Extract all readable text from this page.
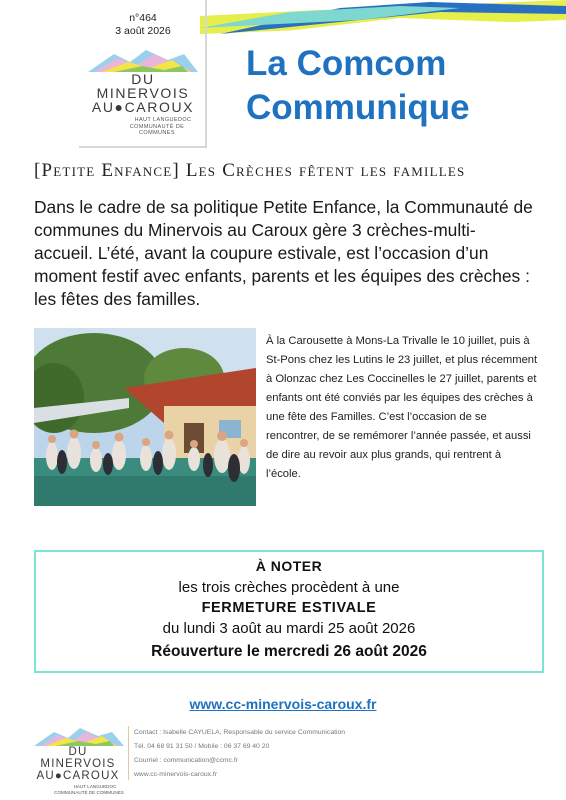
n°464
3 août 2026
DU MINERVOIS
AU●CAROUX
HAUT LANGUEDOC
COMMUNAUTÉ DE COMMUNES
La Comcom
Communique
[Petite Enfance] Les Crèches fêtent les familles
Dans le cadre de sa politique Petite Enfance, la Communauté de communes du Minervois au Caroux gère 3 crèches-multi-accueil. L’été, avant la coupure estivale, est l’occasion d’un moment festif avec enfants, parents et les équipes des crèches : les fêtes des familles.
À la Carousette à Mons-La Trivalle le 10 juillet, puis à St-Pons chez les Lutins le 23 juillet, et plus récemment à Olonzac chez Les Coccinelles le 27 juillet, parents et enfants ont été conviés par les équipes des crèches à une fête des Familles. C’est l’occasion de se rencontrer, de se remémorer l’année passée, et aussi de dire au revoir aux plus grands, qui rentrent à l’école.
À NOTER
les trois crèches procèdent à une
FERMETURE ESTIVALE
du lundi 3 août au mardi 25 août 2026
Réouverture le mercredi 26 août 2026
www.cc-minervois-caroux.fr
DU MINERVOIS
AU●CAROUX
HAUT LANGUEDOC
COMMUNAUTÉ DE COMMUNES
Contact : Isabelle CAYUELA, Responsable du service Communication
Tél. 04 68 91 31 50 / Mobile : 06 37 69 40 20
Courriel : communication@ccmc.fr
www.cc-minervois-caroux.fr
